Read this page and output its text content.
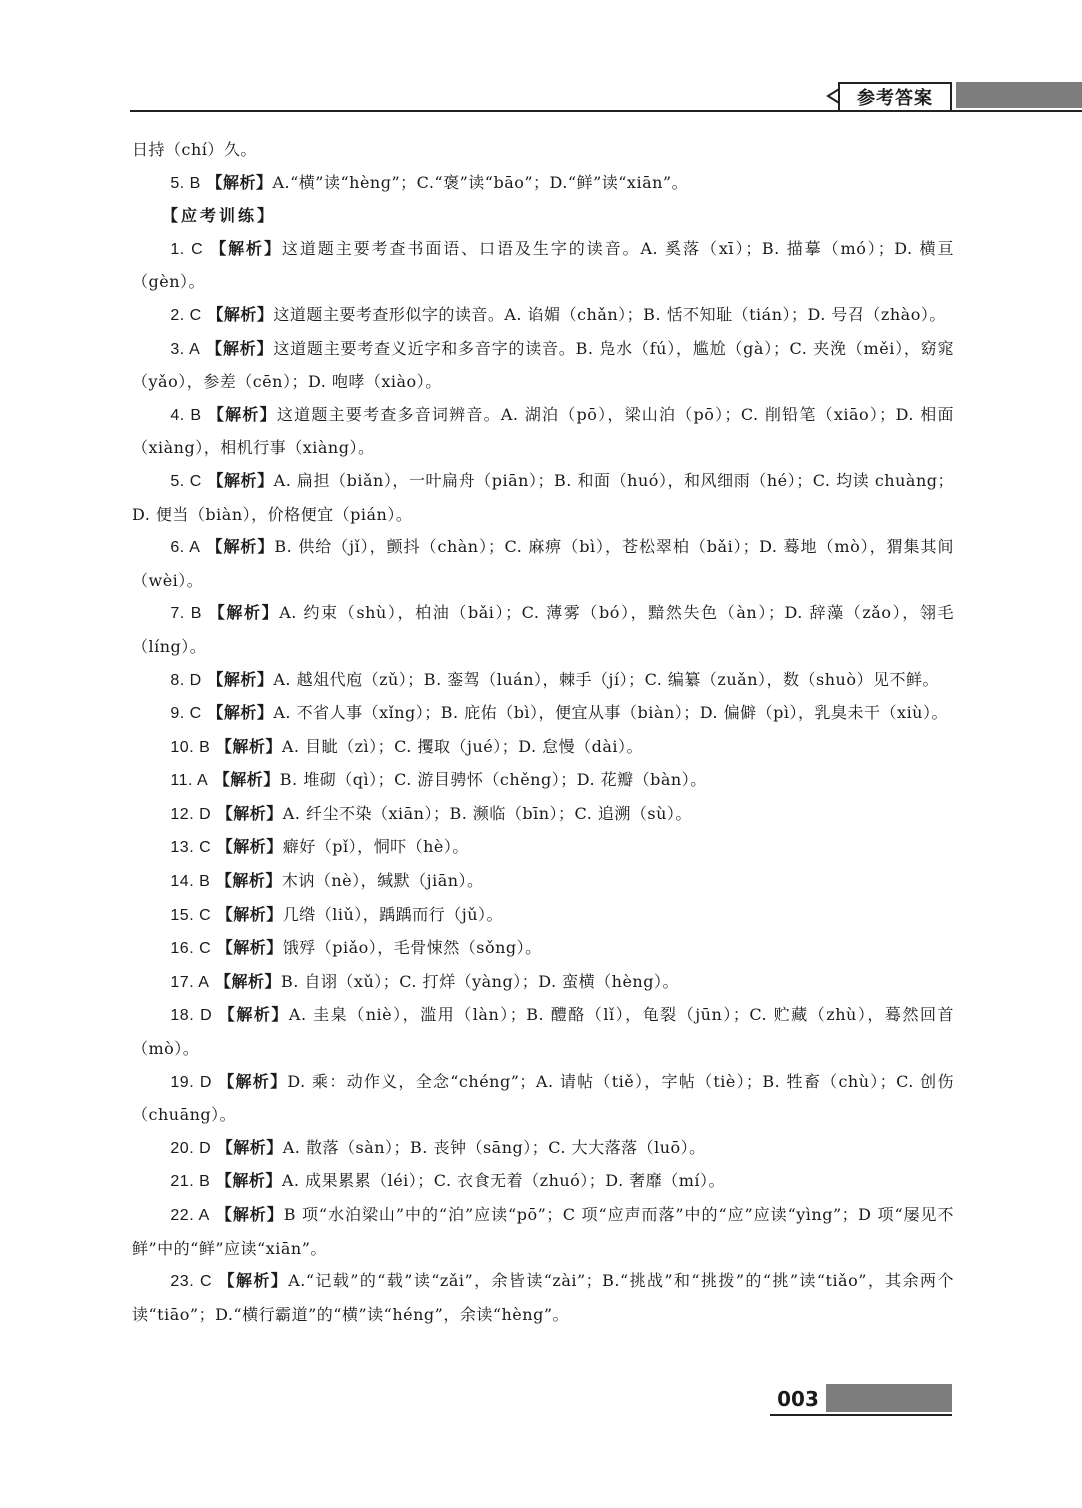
参考答案

日持（chí）久。

5. B 【解析】A.“横”读“hènɡ”；C.“褒”读“bāo”；D.“鲜”读“xiān”。

【应考训练】

1. C 【解析】这道题主要考查书面语、口语及生字的读音。A. 奚落（xī）；B. 描摹（mó）；D. 横亘（gèn）。

2. C 【解析】这道题主要考查形似字的读音。A. 谄媚（chǎn）；B. 恬不知耻（tián）；D. 号召（zhào）。

3. A 【解析】这道题主要考查义近字和多音字的读音。B. 凫水（fú），尴尬（gà）；C. 夹浼（měi），窈窕（yǎo），参差（cēn）；D. 咆哮（xiào）。

4. B 【解析】这道题主要考查多音词辨音。A. 湖泊（pō），梁山泊（pō）；C. 削铅笔（xiāo）；D. 相面（xiàng），相机行事（xiàng）。

5. C 【解析】A. 扁担（biǎn），一叶扁舟（piān）；B. 和面（huó），和风细雨（hé）；C. 均读 chuàng；D. 便当（biàn），价格便宜（pián）。

6. A 【解析】B. 供给（jǐ），颤抖（chàn）；C. 麻痹（bì），苍松翠柏（bǎi）；D. 蓦地（mò），猬集其间（wèi）。

7. B 【解析】A. 约束（shù），柏油（bǎi）；C. 薄雾（bó），黯然失色（àn）；D. 辞藻（zǎo），翎毛（líng）。

8. D 【解析】A. 越俎代庖（zǔ）；B. 銮驾（luán），棘手（jí）；C. 编纂（zuǎn），数（shuò）见不鲜。

9. C 【解析】A. 不省人事（xǐng）；B. 庇佑（bì），便宜从事（biàn）；D. 偏僻（pì），乳臭未干（xiù）。

10. B 【解析】A. 目眦（zì）；C. 攫取（jué）；D. 怠慢（dài）。

11. A 【解析】B. 堆砌（qì）；C. 游目骋怀（chěng）；D. 花瓣（bàn）。

12. D 【解析】A. 纤尘不染（xiān）；B. 濒临（bīn）；C. 追溯（sù）。

13. C 【解析】癖好（pǐ），恫吓（hè）。

14. B 【解析】木讷（nè），缄默（jiān）。

15. C 【解析】几绺（liǔ），踽踽而行（jǔ）。

16. C 【解析】饿殍（piǎo），毛骨悚然（sǒng）。

17. A 【解析】B. 自诩（xǔ）；C. 打烊（yàng）；D. 蛮横（hèng）。

18. D 【解析】A. 圭臬（niè），滥用（làn）；B. 醴酪（lǐ），龟裂（jūn）；C. 贮藏（zhù），蓦然回首（mò）。

19. D 【解析】D. 乘：动作义，全念“chéng”；A. 请帖（tiě），字帖（tiè）；B. 牲畜（chù）；C. 创伤（chuāng）。

20. D 【解析】A. 散落（sàn）；B. 丧钟（sāng）；C. 大大落落（luō）。

21. B 【解析】A. 成果累累（léi）；C. 衣食无着（zhuó）；D. 奢靡（mí）。

22. A 【解析】B 项“水泊梁山”中的“泊”应读“pō”；C 项“应声而落”中的“应”应读“yìng”；D 项“屡见不鲜”中的“鲜”应读“xiān”。

23. C 【解析】A.“记载”的“载”读“zǎi”，余皆读“zài”；B.“挑战”和“挑拨”的“挑”读“tiǎo”，其余两个读“tiāo”；D.“横行霸道”的“横”读“héng”，余读“hèng”。

003
